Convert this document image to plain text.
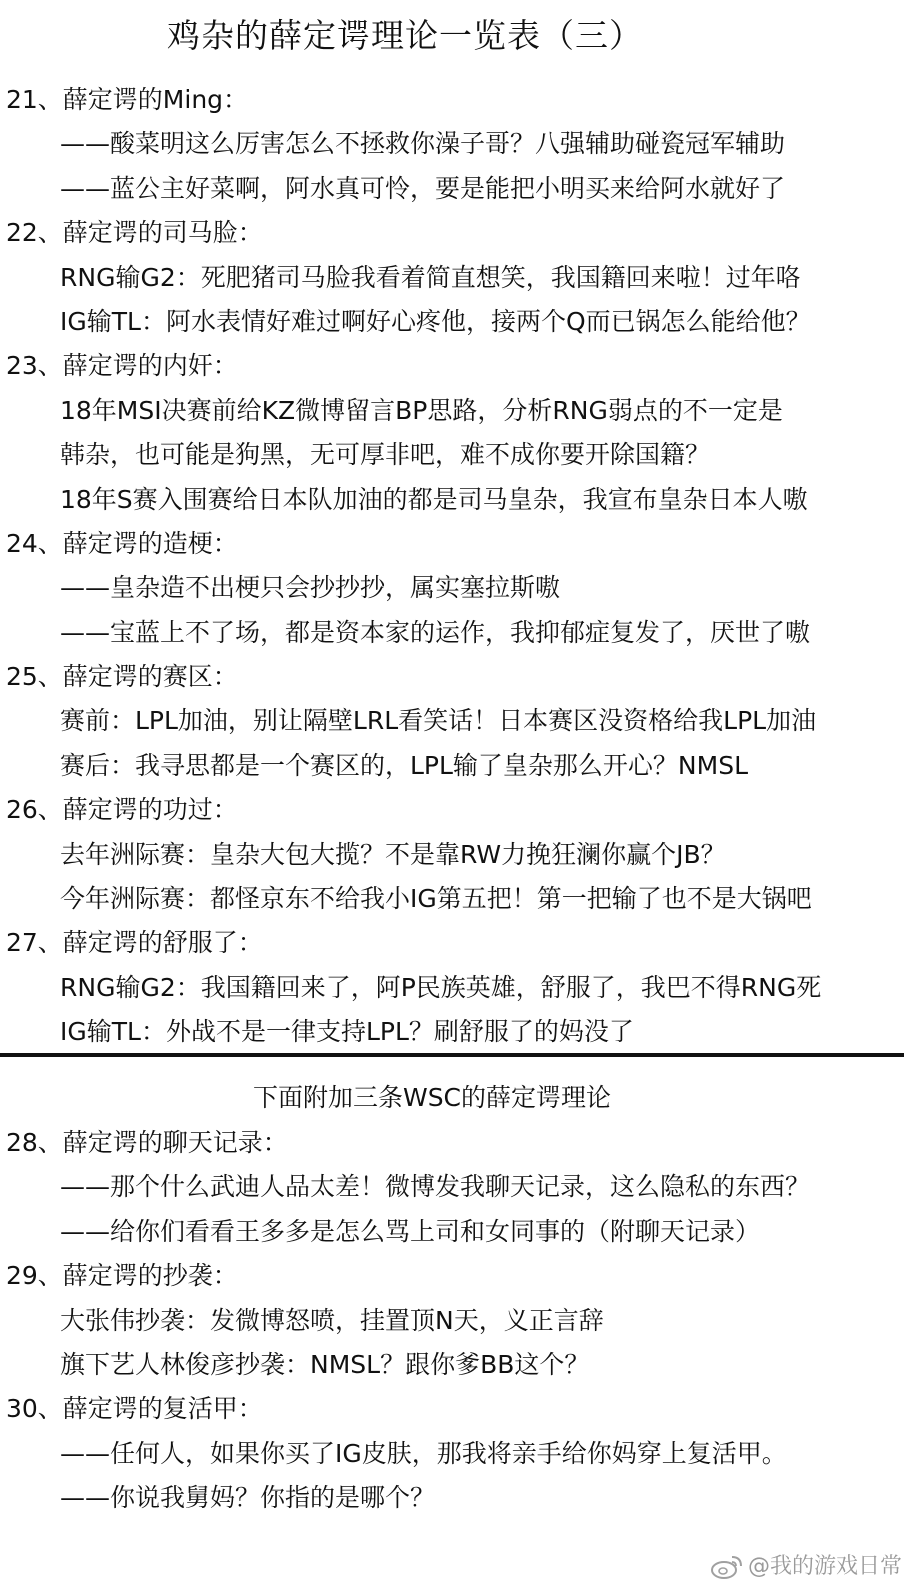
鸡杂的薛定谔理论一览表（三）
21、薛定谔的Ming：
——酸菜明这么厉害怎么不拯救你澡子哥？八强辅助碰瓷冠军辅助
——蓝公主好菜啊，阿水真可怜，要是能把小明买来给阿水就好了
22、薛定谔的司马脸：
RNG输G2：死肥猪司马脸我看着简直想笑，我国籍回来啦！过年咯
IG输TL：阿水表情好难过啊好心疼他，接两个Q而已锅怎么能给他？
23、薛定谔的内奸：
18年MSI决赛前给KZ微博留言BP思路，分析RNG弱点的不一定是
韩杂，也可能是狗黑，无可厚非吧，难不成你要开除国籍？
18年S赛入围赛给日本队加油的都是司马皇杂，我宣布皇杂日本人嗷
24、薛定谔的造梗：
——皇杂造不出梗只会抄抄抄，属实塞拉斯嗷
——宝蓝上不了场，都是资本家的运作，我抑郁症复发了，厌世了嗷
25、薛定谔的赛区：
赛前：LPL加油，别让隔壁LRL看笑话！日本赛区没资格给我LPL加油
赛后：我寻思都是一个赛区的，LPL输了皇杂那么开心？NMSL
26、薛定谔的功过：
去年洲际赛：皇杂大包大揽？不是靠RW力挽狂澜你赢个JB？
今年洲际赛：都怪京东不给我小IG第五把！第一把输了也不是大锅吧
27、薛定谔的舒服了：
RNG输G2：我国籍回来了，阿P民族英雄，舒服了，我巴不得RNG死
IG输TL：外战不是一律支持LPL？刷舒服了的妈没了
下面附加三条WSC的薛定谔理论
28、薛定谔的聊天记录：
——那个什么武迪人品太差！微博发我聊天记录，这么隐私的东西？
——给你们看看王多多是怎么骂上司和女同事的（附聊天记录）
29、薛定谔的抄袭：
大张伟抄袭：发微博怒喷，挂置顶N天，义正言辞
旗下艺人林俊彦抄袭：NMSL？跟你爹BB这个？
30、薛定谔的复活甲：
——任何人，如果你买了IG皮肤，那我将亲手给你妈穿上复活甲。
——你说我舅妈？你指的是哪个？
@我的游戏日常
